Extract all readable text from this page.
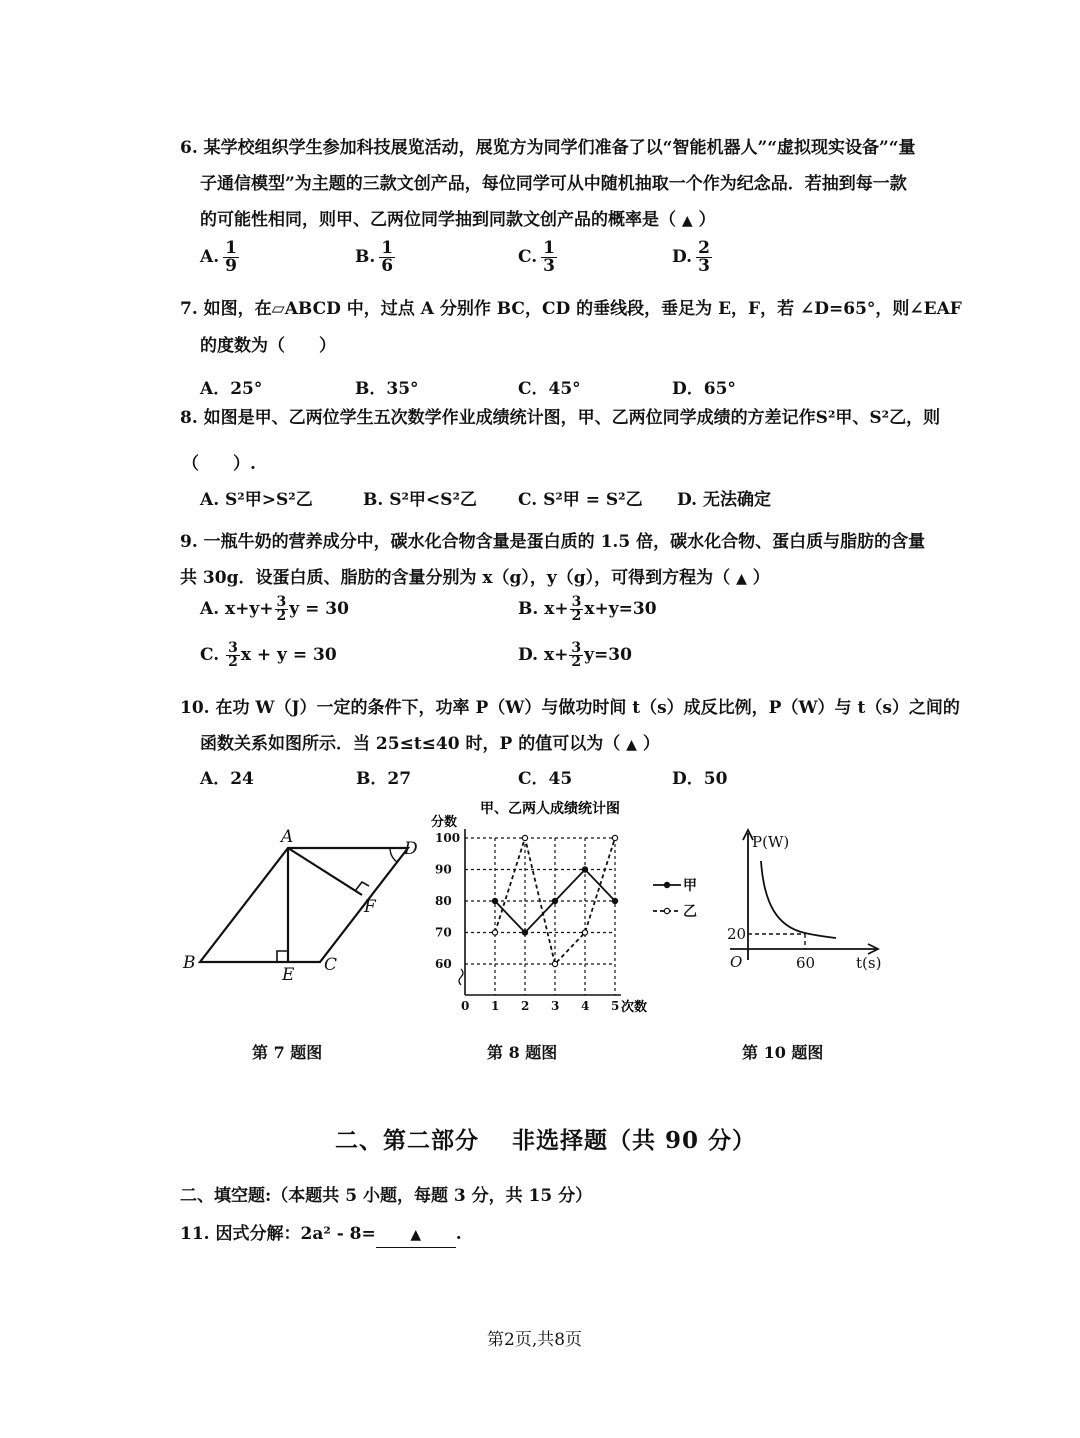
6. 某学校组织学生参加科技展览活动，展览方为同学们准备了以“智能机器人”“虚拟现实设备”“量
子通信模型”为主题的三款文创产品，每位同学可从中随机抽取一个作为纪念品．若抽到每一款
的可能性相同，则甲、乙两位同学抽到同款文创产品的概率是（ ▲ ）
A. $\frac{1}{9}$	B. $\frac{1}{6}$	C. $\frac{1}{3}$	D. $\frac{2}{3}$
7. 如图，在▱ABCD 中，过点 A 分别作 BC，CD 的垂线段，垂足为 E，F，若 ∠D=65°，则∠EAF
的度数为（　　）
A．25°	B．35°	C．45°	D．65°
8. 如图是甲、乙两位学生五次数学作业成绩统计图，甲、乙两位同学成绩的方差记作S²甲、S²乙，则
（　　）.
A. S²甲>S²乙	B. S²甲<S²乙 C. S²甲 = S²乙 D. 无法确定
9. 一瓶牛奶的营养成分中，碳水化合物含量是蛋白质的 1.5 倍，碳水化合物、蛋白质与脂肪的含量
共 30g．设蛋白质、脂肪的含量分别为 x（g），y（g），可得到方程为（ ▲ ）
A. $x+y+ \frac{3}{2}$ y = 30	B. $x+ \frac{3}{2} x+y=30$
C. $\frac{3}{2}$ x + y = 30	D. $x+ \frac{3}{2} y=30$
10. 在功 W（J）一定的条件下，功率 P（W）与做功时间 t（s）成反比例，P（W）与 t（s）之间的
函数关系如图所示．当 25≤t≤40 时，P 的值可以为（ ▲ ）
A．24	B．27	C．45	D．50
A
B	C
D
E
F
甲、乙两人成绩统计图
分数
次数
60
70
80
90
100
0 1 2 3 4 5
甲
乙
P(W)
t(s)
O
20
60
第 7 题图	第 8 题图	第 10 题图
二、第二部分　 非选择题（共 90 分）
二、填空题:（本题共 5 小题，每题 3 分，共 15 分）
11. 因式分解：2a² - 8= ▲ .
第2页,共8页
